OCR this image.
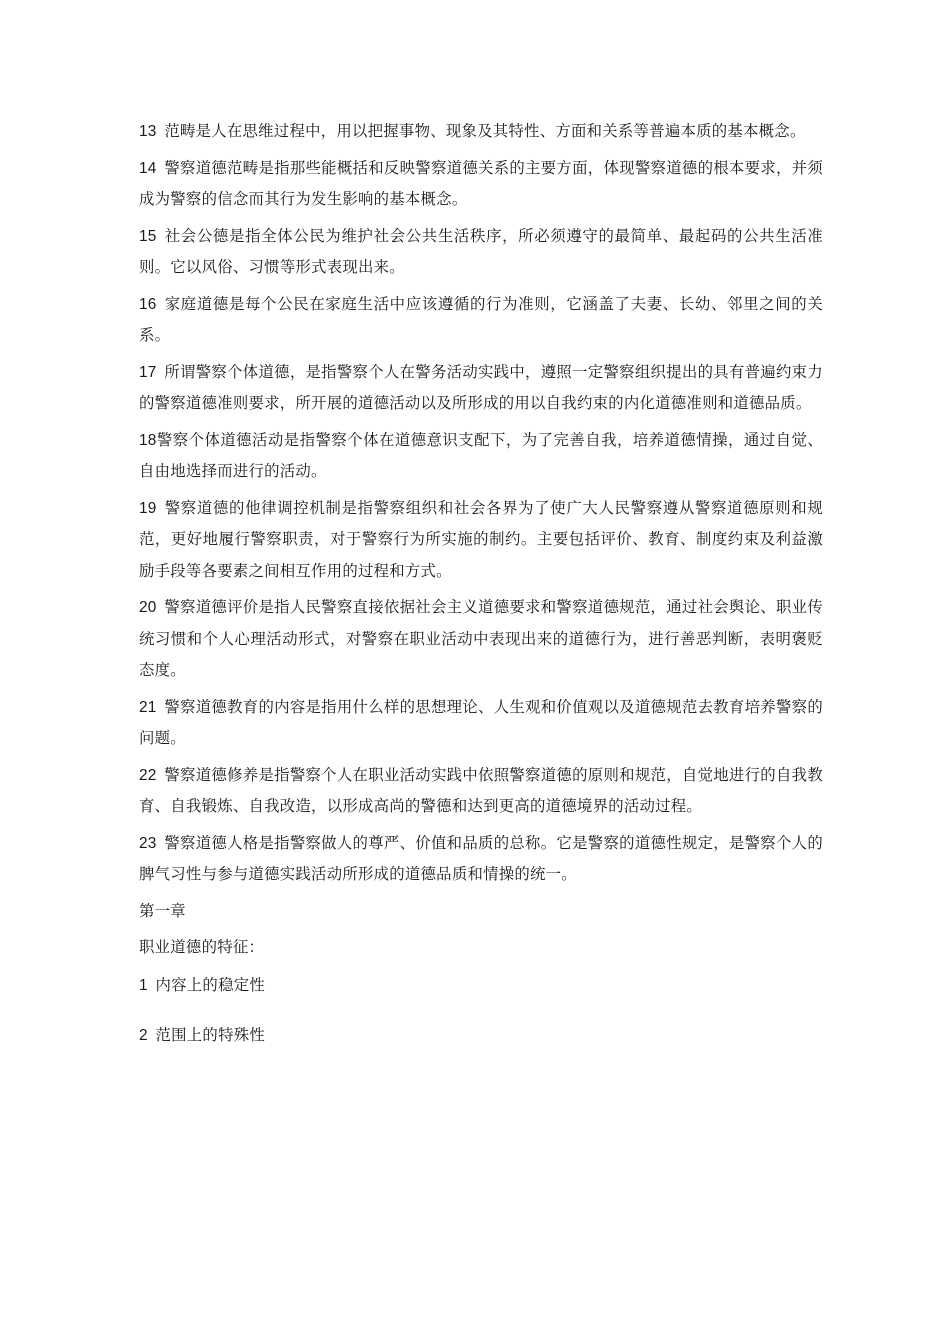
13 范畴是人在思维过程中，用以把握事物、现象及其特性、方面和关系等普遍本质的基本概念。

14 警察道德范畴是指那些能概括和反映警察道德关系的主要方面，体现警察道德的根本要求，并须成为警察的信念而其行为发生影响的基本概念。

15 社会公德是指全体公民为维护社会公共生活秩序，所必须遵守的最简单、最起码的公共生活准则。它以风俗、习惯等形式表现出来。

16 家庭道德是每个公民在家庭生活中应该遵循的行为准则，它涵盖了夫妻、长幼、邻里之间的关系。

17 所谓警察个体道德，是指警察个人在警务活动实践中，遵照一定警察组织提出的具有普遍约束力的警察道德准则要求，所开展的道德活动以及所形成的用以自我约束的内化道德准则和道德品质。

18警察个体道德活动是指警察个体在道德意识支配下，为了完善自我，培养道德情操，通过自觉、自由地选择而进行的活动。

19 警察道德的他律调控机制是指警察组织和社会各界为了使广大人民警察遵从警察道德原则和规范，更好地履行警察职责，对于警察行为所实施的制约。主要包括评价、教育、制度约束及利益激励手段等各要素之间相互作用的过程和方式。

20 警察道德评价是指人民警察直接依据社会主义道德要求和警察道德规范，通过社会舆论、职业传统习惯和个人心理活动形式，对警察在职业活动中表现出来的道德行为，进行善恶判断，表明褒贬态度。

21 警察道德教育的内容是指用什么样的思想理论、人生观和价值观以及道德规范去教育培养警察的问题。

22 警察道德修养是指警察个人在职业活动实践中依照警察道德的原则和规范，自觉地进行的自我教育、自我锻炼、自我改造，以形成高尚的警德和达到更高的道德境界的活动过程。

23 警察道德人格是指警察做人的尊严、价值和品质的总称。它是警察的道德性规定，是警察个人的脾气习性与参与道德实践活动所形成的道德品质和情操的统一。

第一章

职业道德的特征：

1 内容上的稳定性

2 范围上的特殊性
